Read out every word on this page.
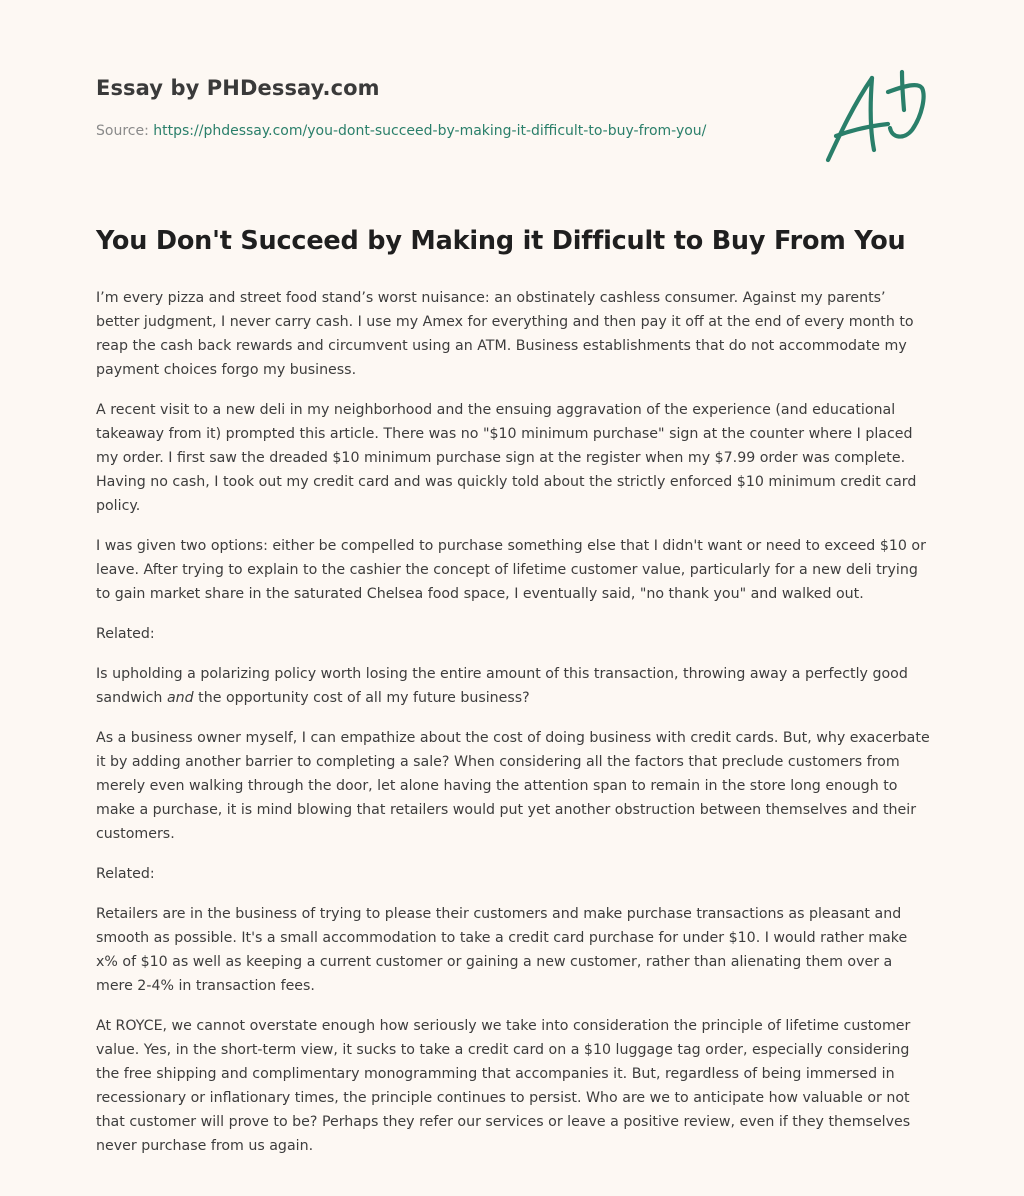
Essay by PHDessay.com
Source: https://phdessay.com/you-dont-succeed-by-making-it-difficult-to-buy-from-you/
You Don't Succeed by Making it Difficult to Buy From You

I’m every pizza and street food stand’s worst nuisance: an obstinately cashless consumer. Against my parents’ better judgment, I never carry cash. I use my Amex for everything and then pay it off at the end of every month to reap the cash back rewards and circumvent using an ATM. Business establishments that do not accommodate my payment choices forgo my business.

A recent visit to a new deli in my neighborhood and the ensuing aggravation of the experience (and educational takeaway from it) prompted this article. There was no "$10 minimum purchase" sign at the counter where I placed my order. I first saw the dreaded $10 minimum purchase sign at the register when my $7.99 order was complete. Having no cash, I took out my credit card and was quickly told about the strictly enforced $10 minimum credit card policy.

I was given two options: either be compelled to purchase something else that I didn't want or need to exceed $10 or leave. After trying to explain to the cashier the concept of lifetime customer value, particularly for a new deli trying to gain market share in the saturated Chelsea food space, I eventually said, "no thank you" and walked out.

Related:

Is upholding a polarizing policy worth losing the entire amount of this transaction, throwing away a perfectly good sandwich and the opportunity cost of all my future business?

As a business owner myself, I can empathize about the cost of doing business with credit cards. But, why exacerbate it by adding another barrier to completing a sale? When considering all the factors that preclude customers from merely even walking through the door, let alone having the attention span to remain in the store long enough to make a purchase, it is mind blowing that retailers would put yet another obstruction between themselves and their customers.

Related:

Retailers are in the business of trying to please their customers and make purchase transactions as pleasant and smooth as possible. It's a small accommodation to take a credit card purchase for under $10. I would rather make x% of $10 as well as keeping a current customer or gaining a new customer, rather than alienating them over a mere 2-4% in transaction fees.

At ROYCE, we cannot overstate enough how seriously we take into consideration the principle of lifetime customer value. Yes, in the short-term view, it sucks to take a credit card on a $10 luggage tag order, especially considering the free shipping and complimentary monogramming that accompanies it. But, regardless of being immersed in recessionary or inflationary times, the principle continues to persist. Who are we to anticipate how valuable or not that customer will prove to be? Perhaps they refer our services or leave a positive review, even if they themselves never purchase from us again.
